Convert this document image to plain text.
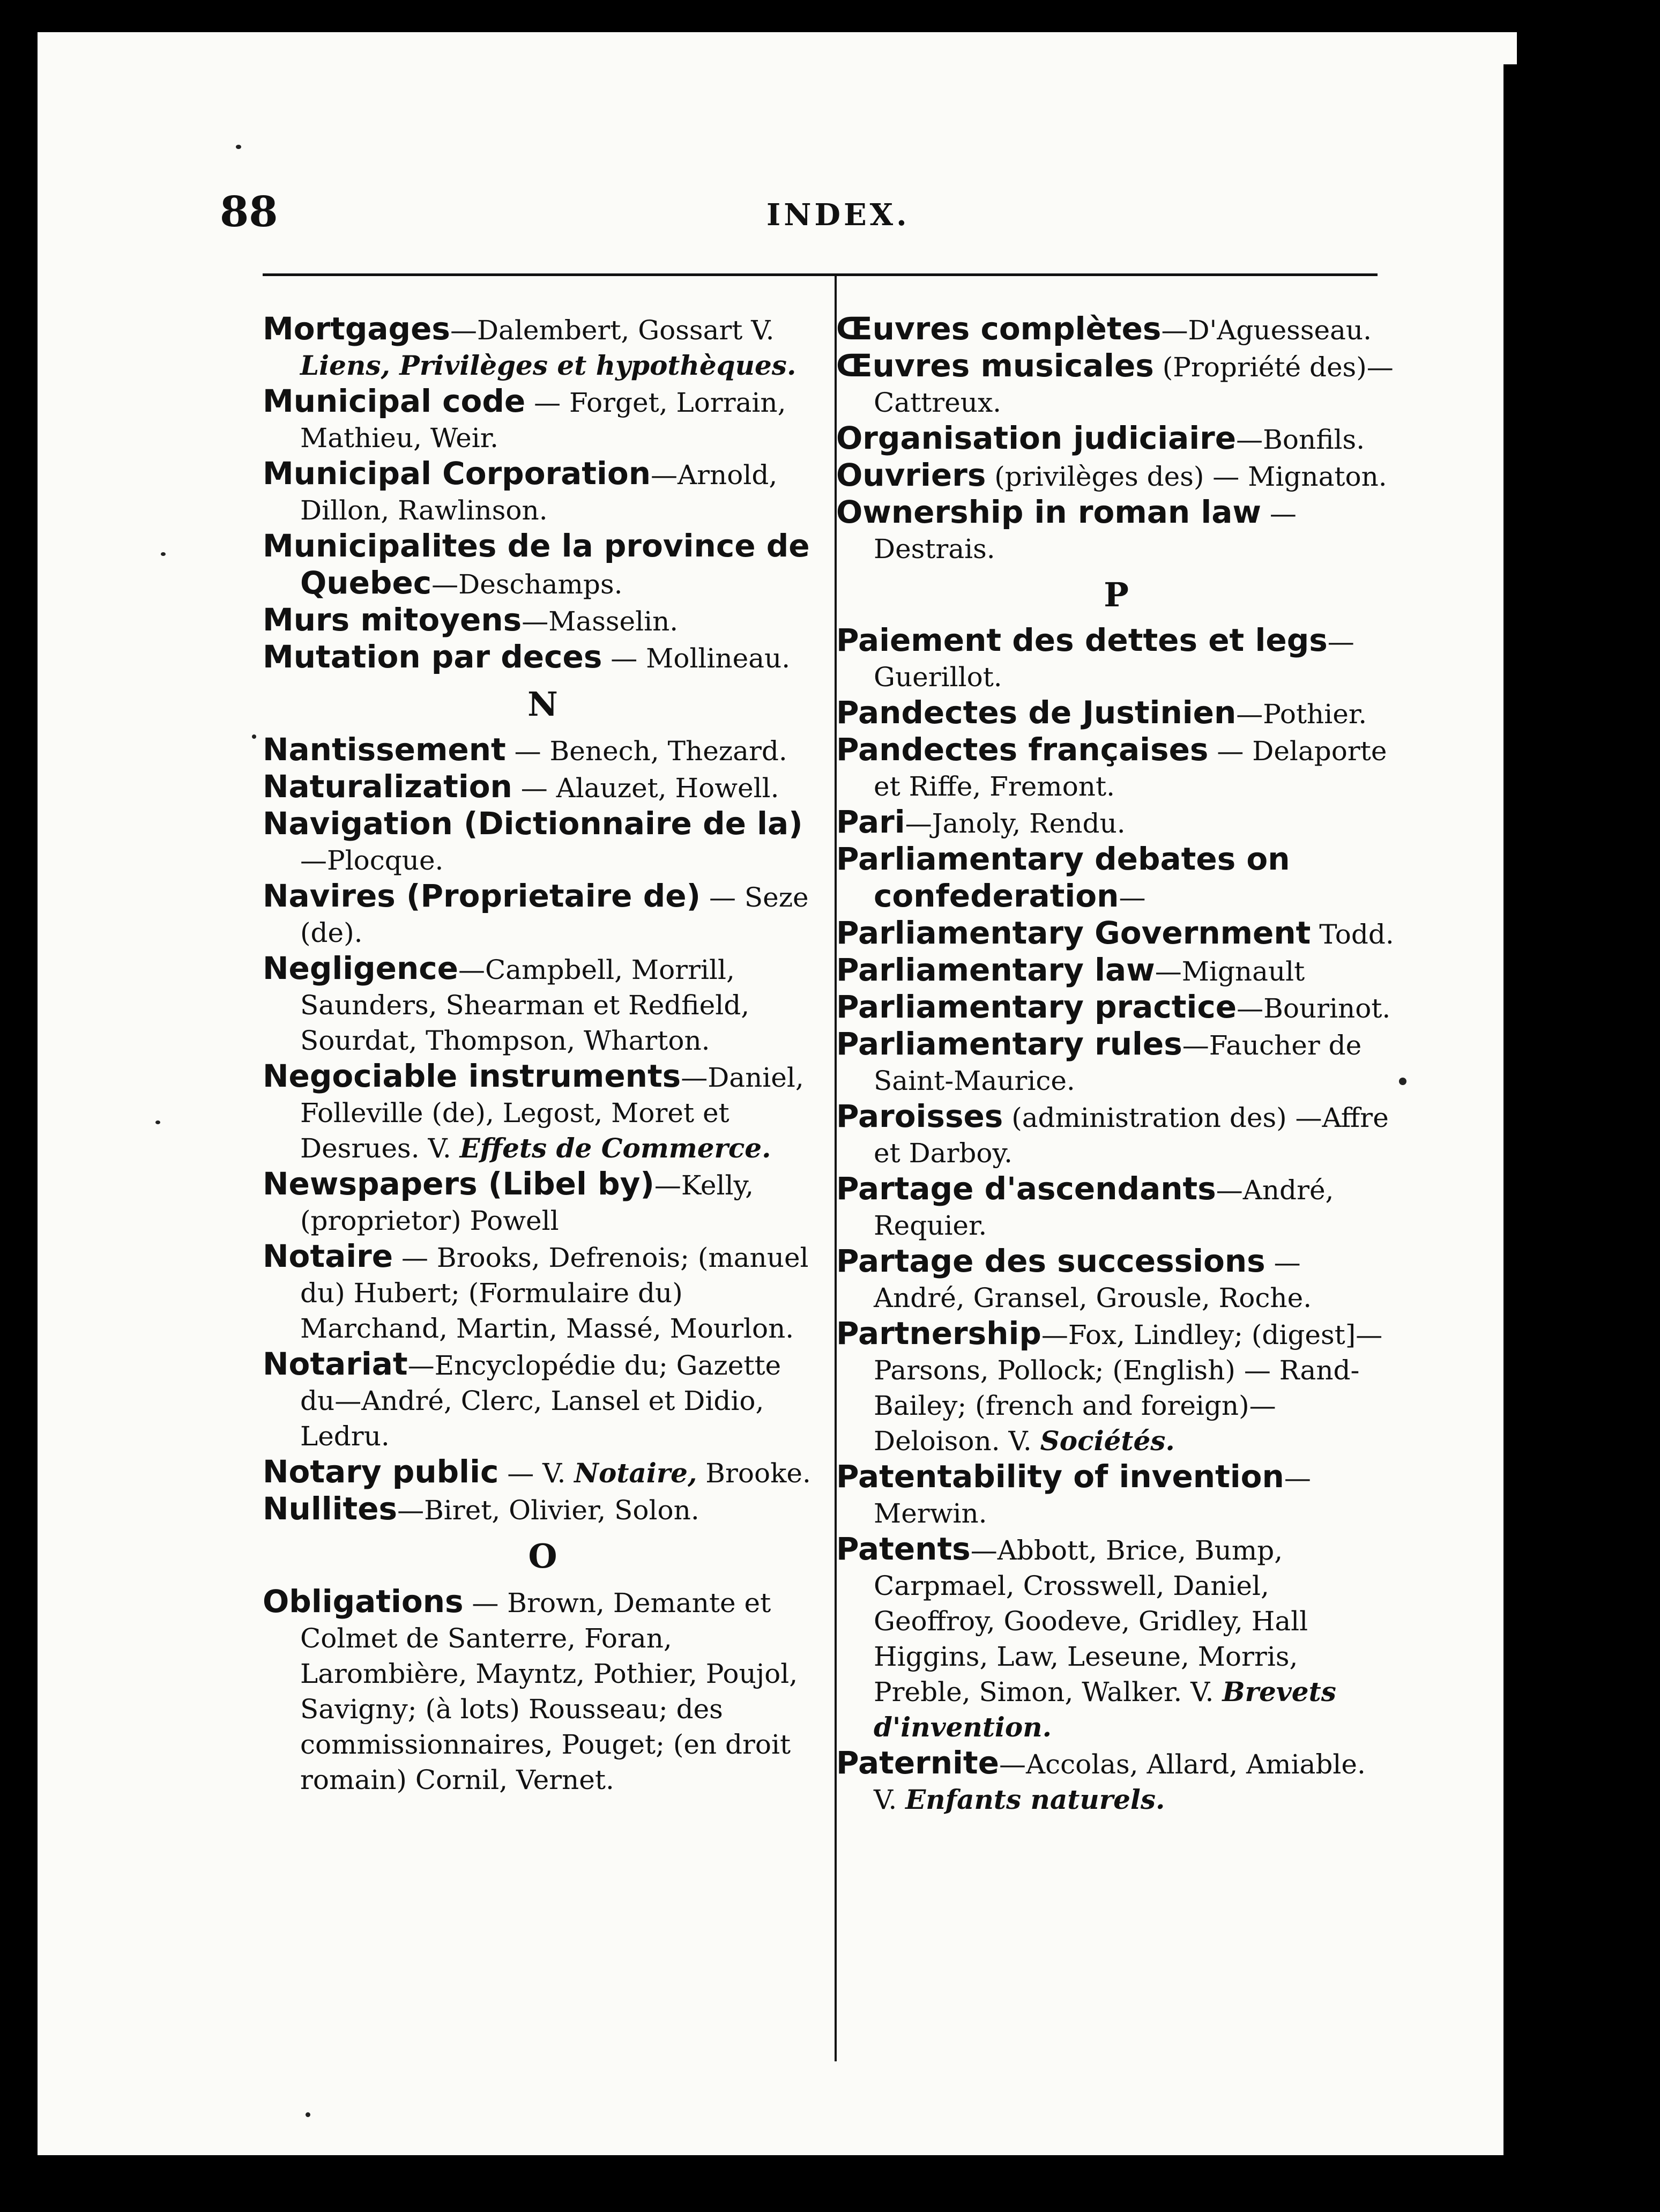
88	INDEX.

Mortgages—Dalembert, Gossart V. Liens, Privilèges et hypothèques.

Municipal code — Forget, Lorrain, Mathieu, Weir.

Municipal Corporation—Arnold, Dillon, Rawlinson.

Municipalites de la province de Quebec—Deschamps.

Murs mitoyens—Masselin.

Mutation par deces — Mollineau.

N

Nantissement — Benech, Thezard.

Naturalization — Alauzet, Howell.

Navigation (Dictionnaire de la)—Plocque.

Navires (Proprietaire de) — Seze (de).

Negligence—Campbell, Morrill, Saunders, Shearman et Redfield, Sourdat, Thompson, Wharton.

Negociable instruments—Daniel, Folleville (de), Legost, Moret et Desrues. V. Effets de Commerce.

Newspapers (Libel by)—Kelly, (proprietor) Powell

Notaire — Brooks, Defrenois; (manuel du) Hubert; (Formulaire du) Marchand, Martin, Massé, Mourlon.

Notariat—Encyclopédie du; Gazette du—André, Clerc, Lansel et Didio, Ledru.

Notary public — V. Notaire, Brooke.

Nullites—Biret, Olivier, Solon.

O

Obligations — Brown, Demante et Colmet de Santerre, Foran, Larombière, Mayntz, Pothier, Poujol, Savigny; (à lots) Rousseau; des commissionnaires, Pouget; (en droit romain) Cornil, Vernet.

Œuvres complètes—D'Aguesseau.

Œuvres musicales (Propriété des)—Cattreux.

Organisation judiciaire—Bonfils.

Ouvriers (privilèges des) — Mignaton.

Ownership in roman law — Destrais.

P

Paiement des dettes et legs—Guerillot.

Pandectes de Justinien—Pothier.

Pandectes françaises — Delaporte et Riffe, Fremont.

Pari—Janoly, Rendu.

Parliamentary debates on confederation—

Parliamentary Government Todd.

Parliamentary law—Mignault

Parliamentary practice—Bourinot.

Parliamentary rules—Faucher de Saint-Maurice.

Paroisses (administration des) —Affre et Darboy.

Partage d'ascendants—André, Requier.

Partage des successions — André, Gransel, Grousle, Roche.

Partnership—Fox, Lindley; (digest]—Parsons, Pollock; (English) — Rand-Bailey; (french and foreign)—Deloison. V. Sociétés.

Patentability of invention—Merwin.

Patents—Abbott, Brice, Bump, Carpmael, Crosswell, Daniel, Geoffroy, Goodeve, Gridley, Hall Higgins, Law, Leseune, Morris, Preble, Simon, Walker. V. Brevets d'invention.

Paternite—Accolas, Allard, Amiable. V. Enfants naturels.
